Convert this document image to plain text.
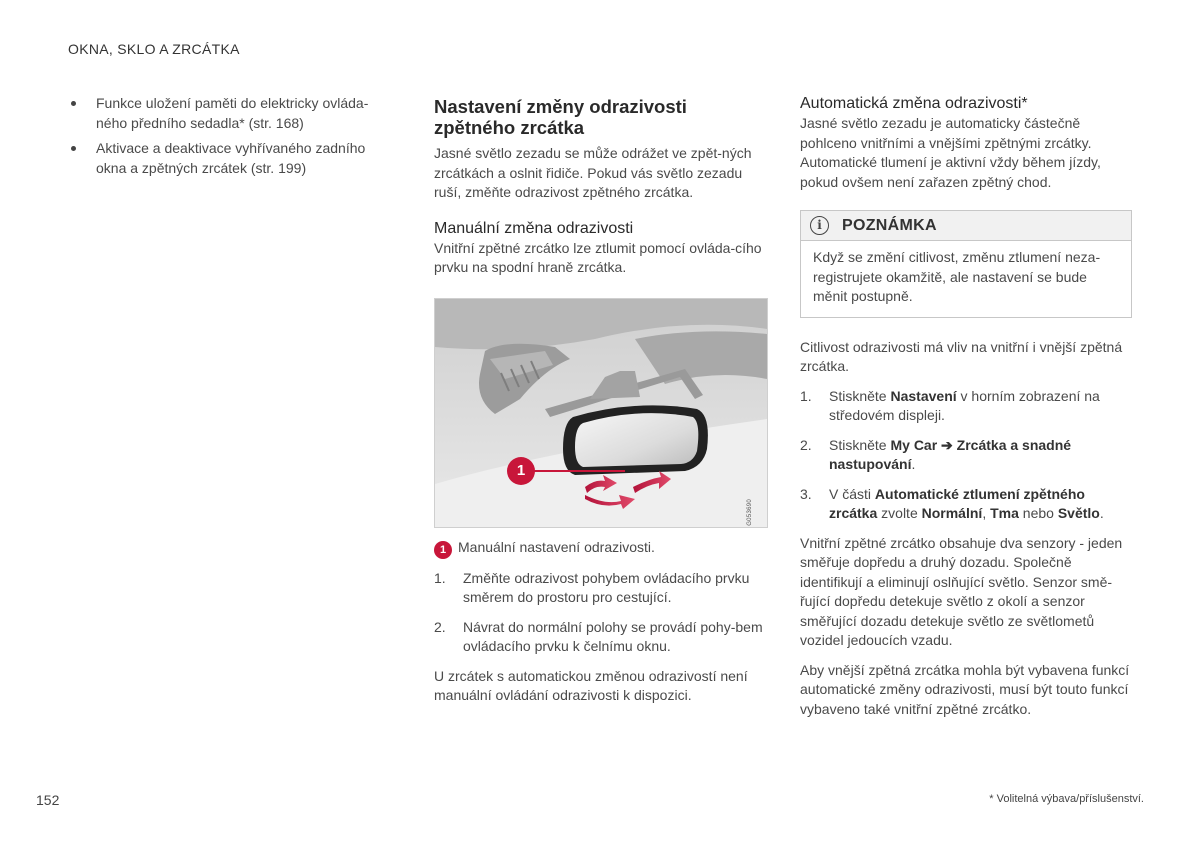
OKNA, SKLO A ZRCÁTKA
Funkce uložení paměti do elektricky ovláda-ného předního sedadla* (str. 168)
Aktivace a deaktivace vyhřívaného zadního okna a zpětných zrcátek (str. 199)
Nastavení změny odrazivosti zpětného zrcátka

Jasné světlo zezadu se může odrážet ve zpět-ných zrcátkách a oslnit řidiče. Pokud vás světlo zezadu ruší, změňte odrazivost zpětného zrcátka.

Manuální změna odrazivosti

Vnitřní zpětné zrcátko lze ztlumit pomocí ovláda-cího prvku na spodní hraně zrcátka.

1
G053690
1 Manuální nastavení odrazivosti.

1. Změňte odrazivost pohybem ovládacího prvku směrem do prostoru pro cestující.
2. Návrat do normální polohy se provádí pohy-bem ovládacího prvku k čelnímu oknu.

U zrcátek s automatickou změnou odrazivostí není manuální ovládání odrazivosti k dispozici.

Automatická změna odrazivosti*

Jasné světlo zezadu je automaticky částečně pohlceno vnitřními a vnějšími zpětnými zrcátky. Automatické tlumení je aktivní vždy během jízdy, pokud ovšem není zařazen zpětný chod.

i	POZNÁMKA

Když se změní citlivost, změnu ztlumení neza-registrujete okamžitě, ale nastavení se bude měnit postupně.

Citlivost odrazivosti má vliv na vnitřní i vnější zpětná zrcátka.

1. Stiskněte Nastavení v horním zobrazení na středovém displeji.
2. Stiskněte My Car ➔ Zrcátka a snadné nastupování.
3. V části Automatické ztlumení zpětného zrcátka zvolte Normální, Tma nebo Světlo.

Vnitřní zpětné zrcátko obsahuje dva senzory - jeden směřuje dopředu a druhý dozadu. Společně identifikují a eliminují oslňující světlo. Senzor smě-řující dopředu detekuje světlo z okolí a senzor směřující dozadu detekuje světlo ze světlometů vozidel jedoucích vzadu.

Aby vnější zpětná zrcátka mohla být vybavena funkcí automatické změny odrazivosti, musí být touto funkcí vybaveno také vnitřní zpětné zrcátko.

152	* Volitelná výbava/příslušenství.
